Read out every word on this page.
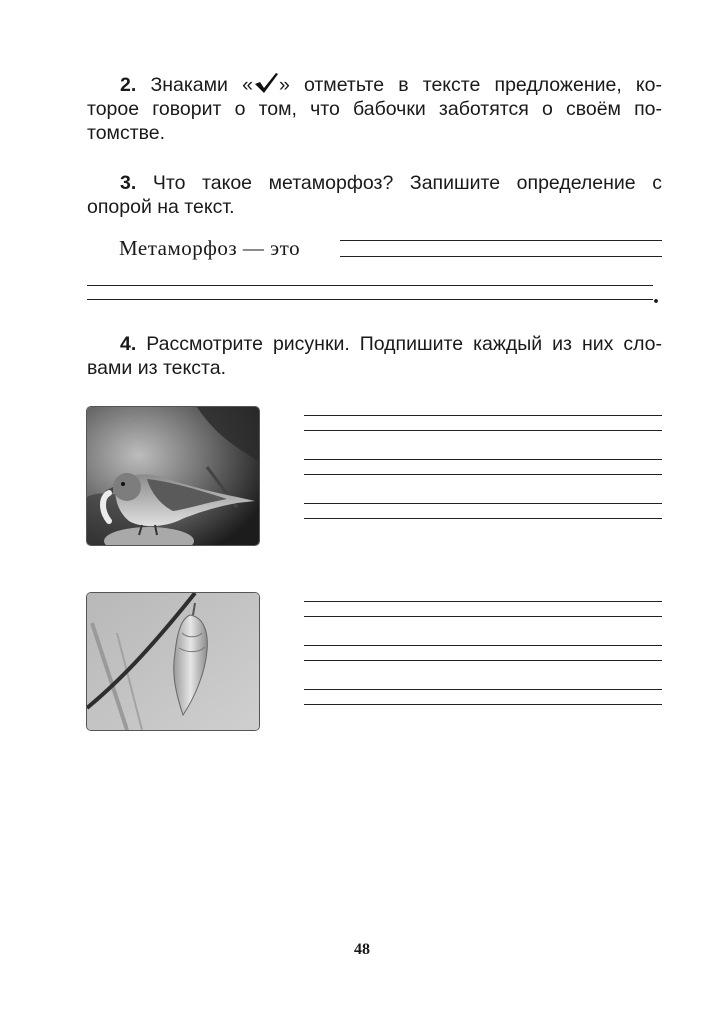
2. Знаками « » отметьте в тексте предложение, ко-
торое говорит о том, что бабочки заботятся о своём по-
томстве.
3. Что такое метаморфоз? Запишите определение с
опорой на текст.
Метаморфоз — это
.
4. Рассмотрите рисунки. Подпишите каждый из них сло-
вами из текста.
48
